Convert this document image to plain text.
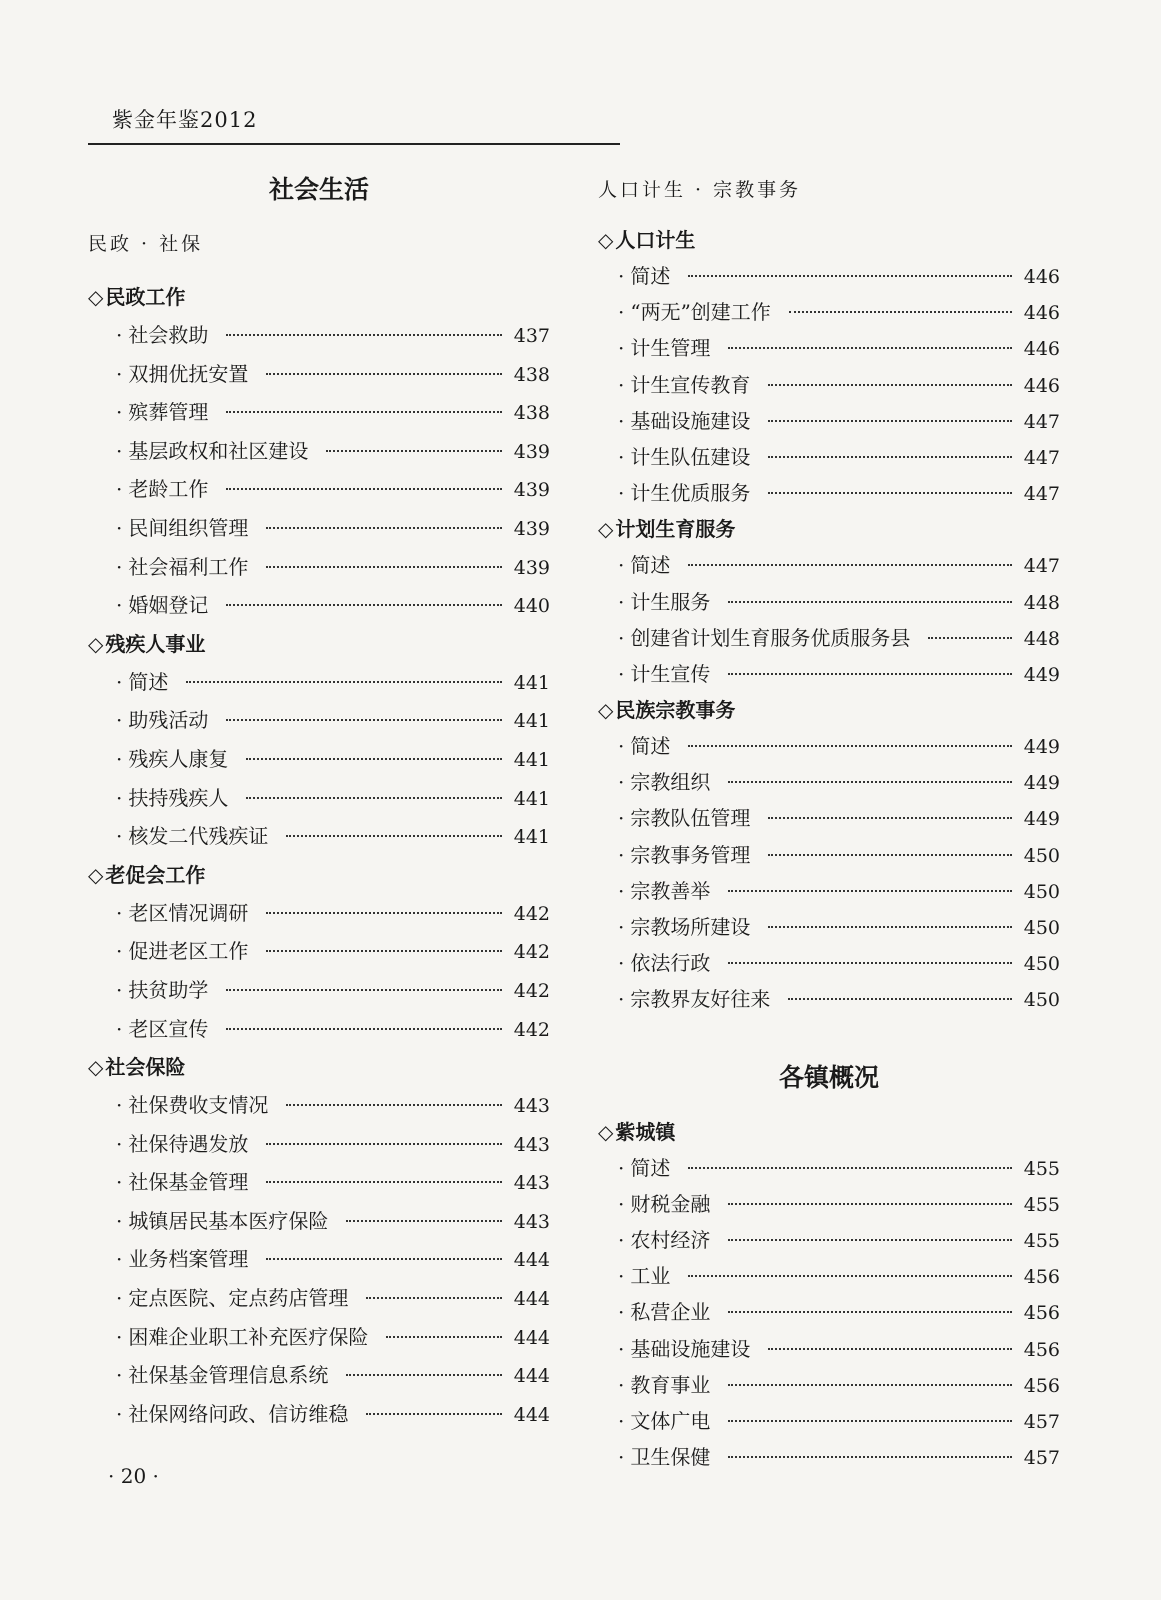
紫金年鉴2012
社会生活
民政 · 社保
◇ 民政工作
· 社会救助	437
· 双拥优抚安置	438
· 殡葬管理	438
· 基层政权和社区建设	439
· 老龄工作	439
· 民间组织管理	439
· 社会福利工作	439
· 婚姻登记	440
◇ 残疾人事业
· 简述	441
· 助残活动	441
· 残疾人康复	441
· 扶持残疾人	441
· 核发二代残疾证	441
◇ 老促会工作
· 老区情况调研	442
· 促进老区工作	442
· 扶贫助学	442
· 老区宣传	442
◇ 社会保险
· 社保费收支情况	443
· 社保待遇发放	443
· 社保基金管理	443
· 城镇居民基本医疗保险	443
· 业务档案管理	444
· 定点医院、定点药店管理	444
· 困难企业职工补充医疗保险	444
· 社保基金管理信息系统	444
· 社保网络问政、信访维稳	444
人口计生 · 宗教事务
◇ 人口计生
· 简述	446
· “两无”创建工作	446
· 计生管理	446
· 计生宣传教育	446
· 基础设施建设	447
· 计生队伍建设	447
· 计生优质服务	447
◇ 计划生育服务
· 简述	447
· 计生服务	448
· 创建省计划生育服务优质服务县	448
· 计生宣传	449
◇ 民族宗教事务
· 简述	449
· 宗教组织	449
· 宗教队伍管理	449
· 宗教事务管理	450
· 宗教善举	450
· 宗教场所建设	450
· 依法行政	450
· 宗教界友好往来	450
各镇概况
◇ 紫城镇
· 简述	455
· 财税金融	455
· 农村经济	455
· 工业	456
· 私营企业	456
· 基础设施建设	456
· 教育事业	456
· 文体广电	457
· 卫生保健	457
· 20 ·
